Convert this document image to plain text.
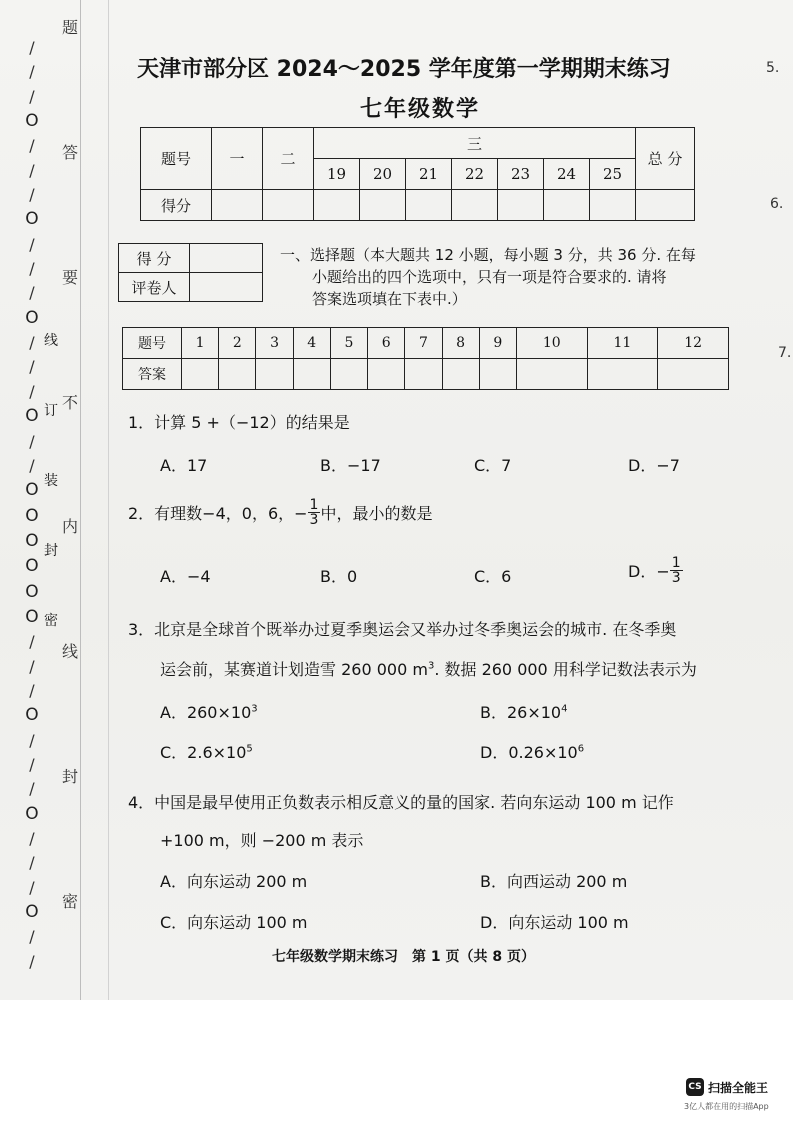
/
/
/
O
/
/
/
O
/
/
/
O
/
/
/
O
/
/
O
O
O
O
O
O
/
/
/
O
/
/
/
O
/
/
/
O
/
/
题
答
要
不
内
线
封
密
线
订
装
封
密
天津市部分区 2024～2025 学年度第一学期期末练习
七年级数学
题号	一	二	三							总 分
			19	20	21	22	23	24	25	
得分										
得 分	
评卷人	

一、选择题（本大题共 12 小题，每小题 3 分，共 36 分. 在每

小题给出的四个选项中，只有一项是符合要求的. 请将

答案选项填在下表中.）

题号	1	2	3	4	5	6	7	8	9	10	11	12
答案												
1．计算 5 +（−12）的结果是
A．17	B．−17	C．7	D．−7
2．有理数−4，0，6，− $\frac{1}{3}$ 中，最小的数是
A．−4	B．0	C．6	D．− $\frac{1}{3}$
3．北京是全球首个既举办过夏季奥运会又举办过冬季奥运会的城市. 在冬季奥
运会前，某赛道计划造雪 260 000 $m^3$. 数据 260 000 用科学记数法表示为
A．$260\times 10^3$	B．$26\times 10^4$
C．$2.6\times 10^5$	D．$0.26\times 10^6$
4．中国是最早使用正负数表示相反意义的量的国家. 若向东运动 100 m 记作
+100 m，则 −200 m 表示
A．向东运动 200 m	B．向西运动 200 m
C．向东运动 100 m	D．向东运动 100 m
七年级数学期末练习　第 1 页（共 8 页）
5.
6.
7.
CS 扫描全能王
3亿人都在用的扫描App
